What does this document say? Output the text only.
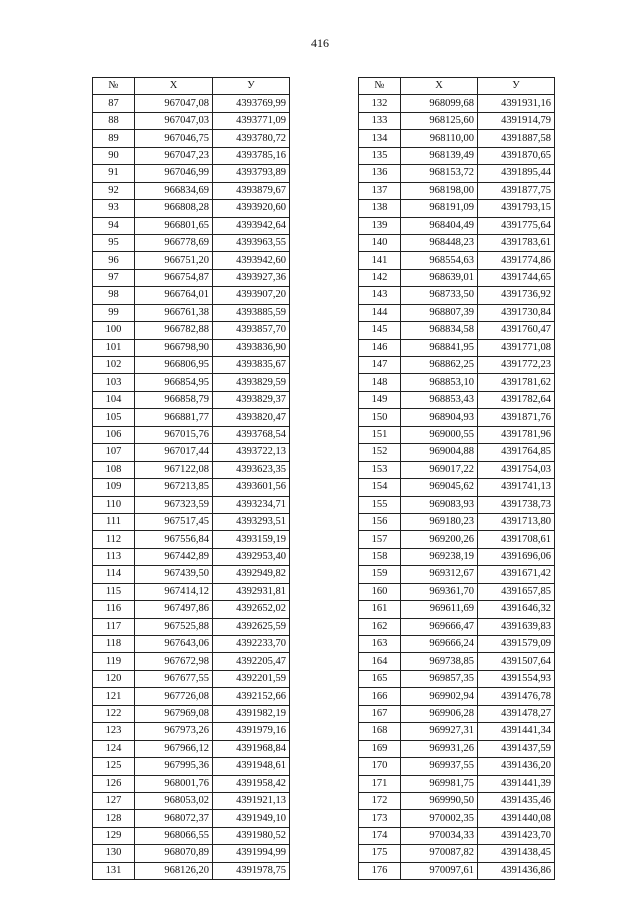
416
№	X	У
87	967047,08	4393769,99
88	967047,03	4393771,09
89	967046,75	4393780,72
90	967047,23	4393785,16
91	967046,99	4393793,89
92	966834,69	4393879,67
93	966808,28	4393920,60
94	966801,65	4393942,64
95	966778,69	4393963,55
96	966751,20	4393942,60
97	966754,87	4393927,36
98	966764,01	4393907,20
99	966761,38	4393885,59
100	966782,88	4393857,70
101	966798,90	4393836,90
102	966806,95	4393835,67
103	966854,95	4393829,59
104	966858,79	4393829,37
105	966881,77	4393820,47
106	967015,76	4393768,54
107	967017,44	4393722,13
108	967122,08	4393623,35
109	967213,85	4393601,56
110	967323,59	4393234,71
111	967517,45	4393293,51
112	967556,84	4393159,19
113	967442,89	4392953,40
114	967439,50	4392949,82
115	967414,12	4392931,81
116	967497,86	4392652,02
117	967525,88	4392625,59
118	967643,06	4392233,70
119	967672,98	4392205,47
120	967677,55	4392201,59
121	967726,08	4392152,66
122	967969,08	4391982,19
123	967973,26	4391979,16
124	967966,12	4391968,84
125	967995,36	4391948,61
126	968001,76	4391958,42
127	968053,02	4391921,13
128	968072,37	4391949,10
129	968066,55	4391980,52
130	968070,89	4391994,99
131	968126,20	4391978,75
№	X	У
132	968099,68	4391931,16
133	968125,60	4391914,79
134	968110,00	4391887,58
135	968139,49	4391870,65
136	968153,72	4391895,44
137	968198,00	4391877,75
138	968191,09	4391793,15
139	968404,49	4391775,64
140	968448,23	4391783,61
141	968554,63	4391774,86
142	968639,01	4391744,65
143	968733,50	4391736,92
144	968807,39	4391730,84
145	968834,58	4391760,47
146	968841,95	4391771,08
147	968862,25	4391772,23
148	968853,10	4391781,62
149	968853,43	4391782,64
150	968904,93	4391871,76
151	969000,55	4391781,96
152	969004,88	4391764,85
153	969017,22	4391754,03
154	969045,62	4391741,13
155	969083,93	4391738,73
156	969180,23	4391713,80
157	969200,26	4391708,61
158	969238,19	4391696,06
159	969312,67	4391671,42
160	969361,70	4391657,85
161	969611,69	4391646,32
162	969666,47	4391639,83
163	969666,24	4391579,09
164	969738,85	4391507,64
165	969857,35	4391554,93
166	969902,94	4391476,78
167	969906,28	4391478,27
168	969927,31	4391441,34
169	969931,26	4391437,59
170	969937,55	4391436,20
171	969981,75	4391441,39
172	969990,50	4391435,46
173	970002,35	4391440,08
174	970034,33	4391423,70
175	970087,82	4391438,45
176	970097,61	4391436,86
